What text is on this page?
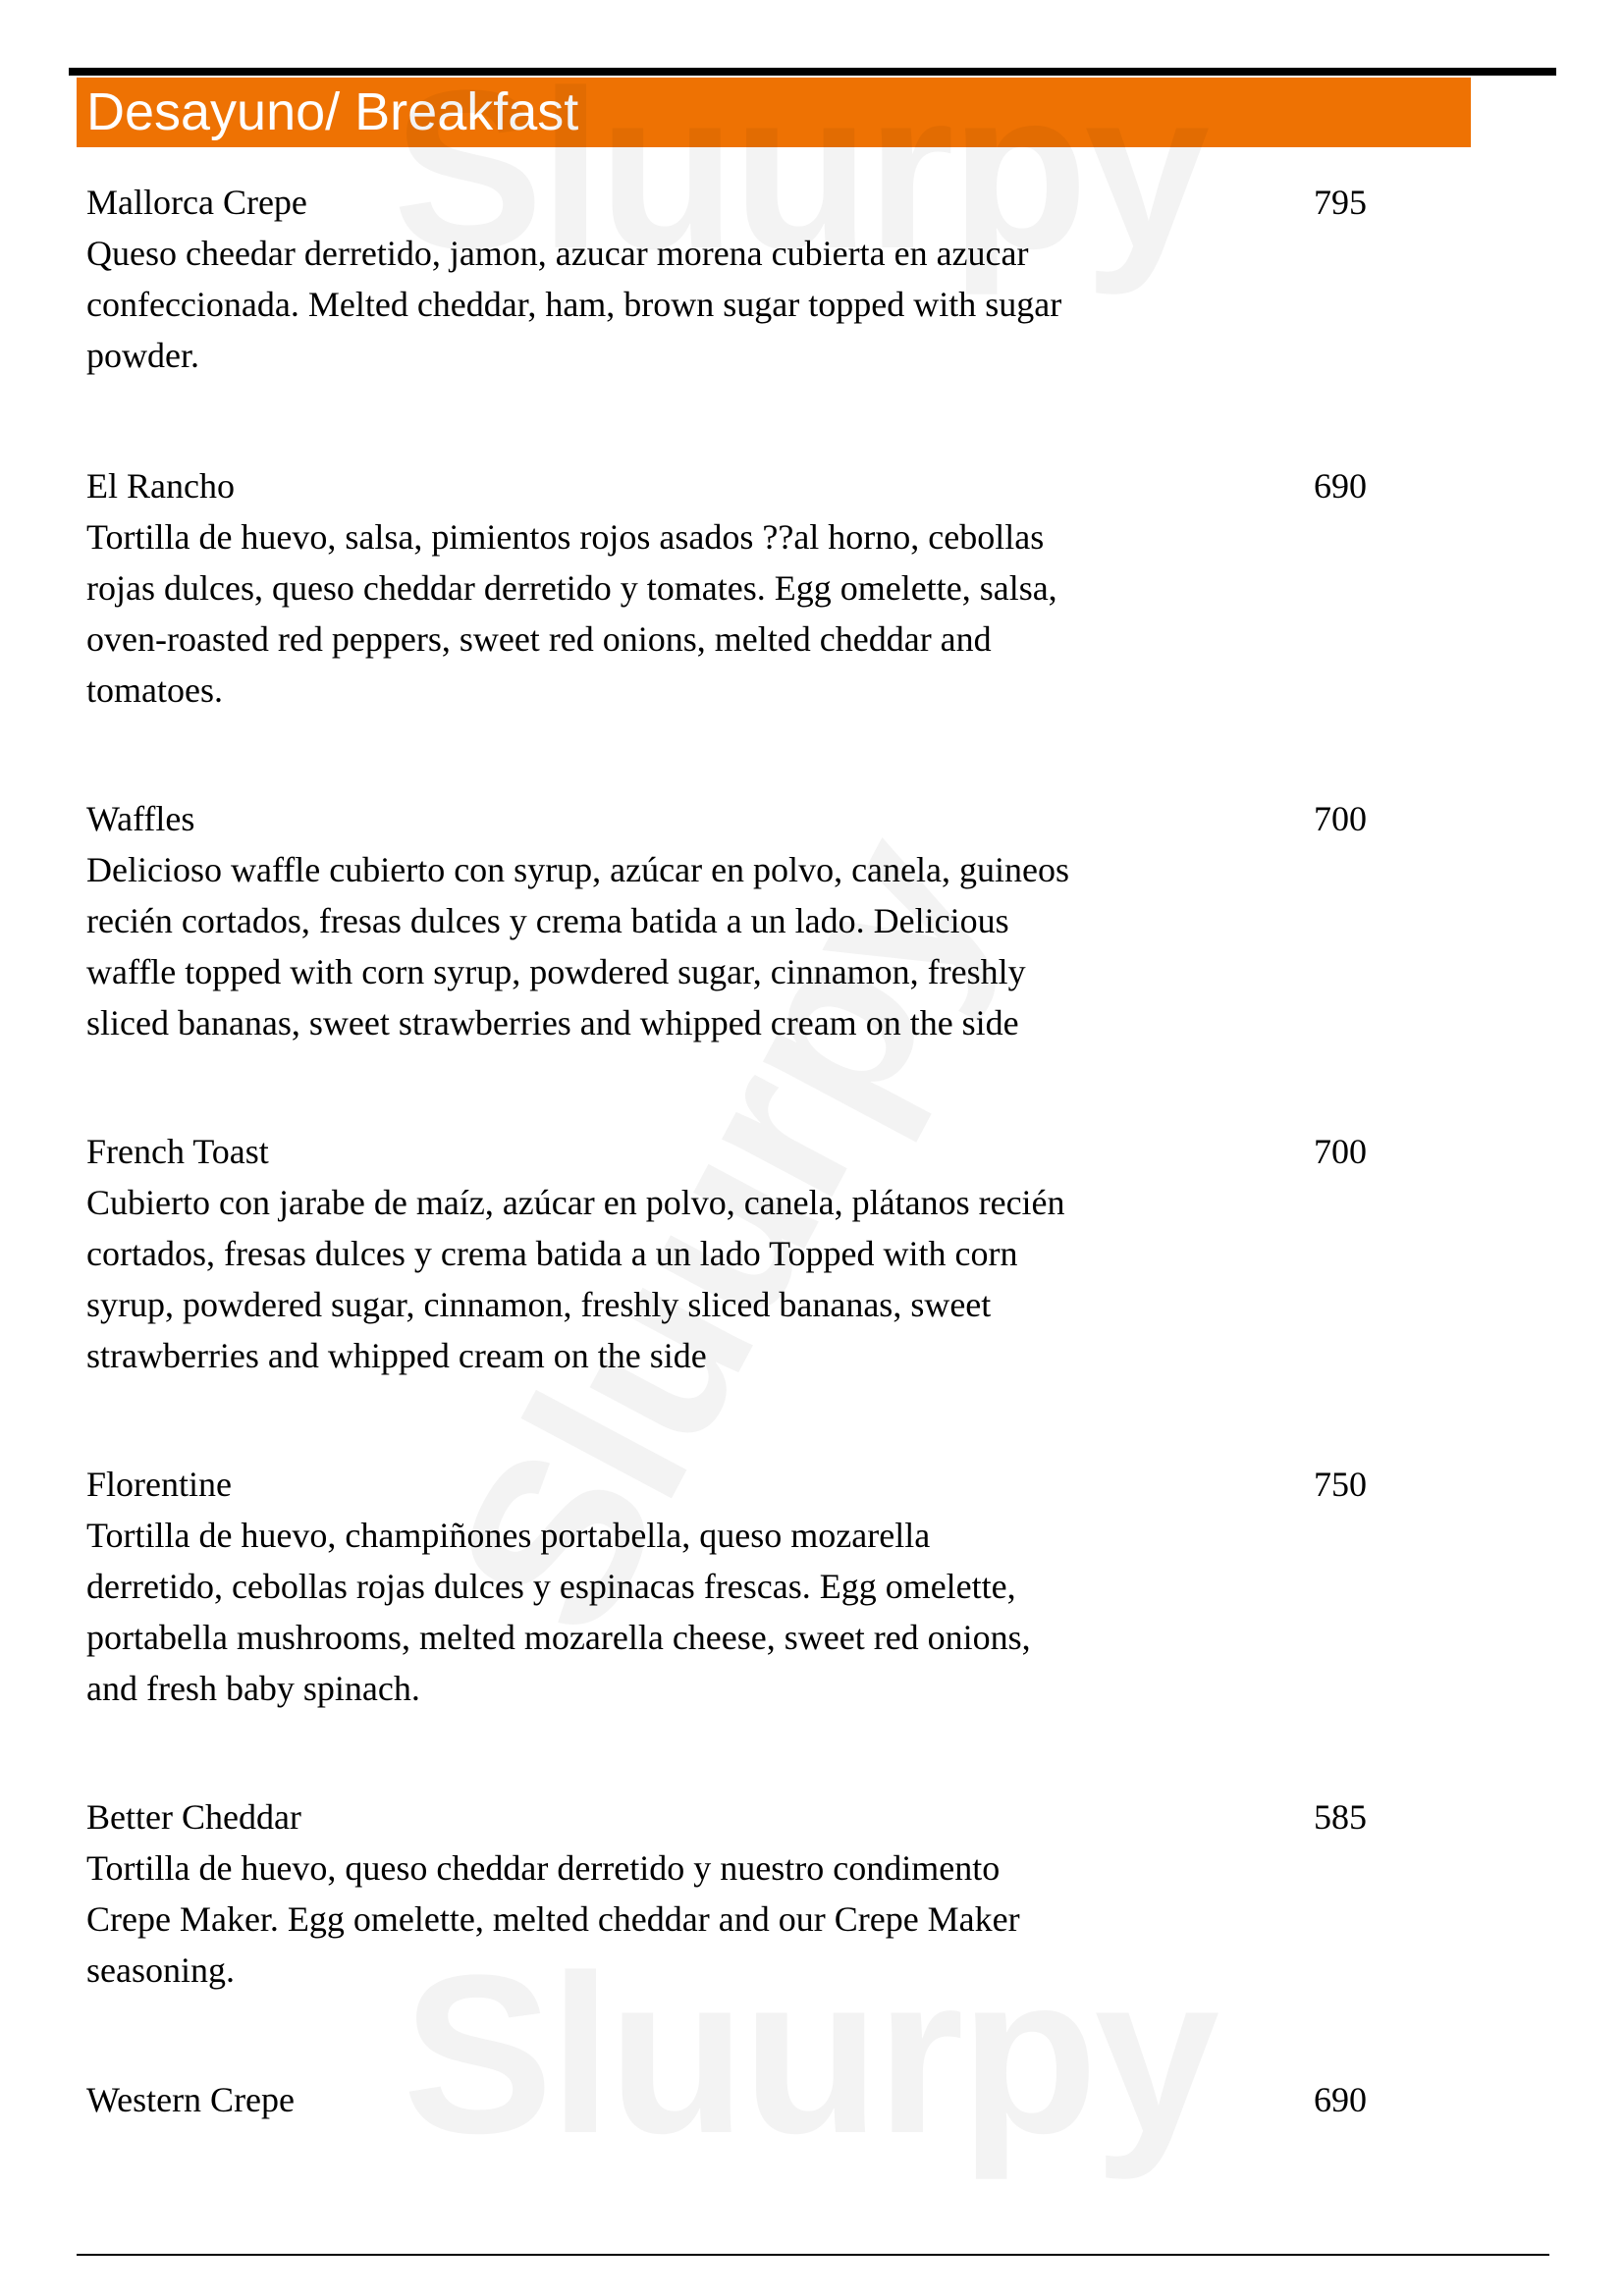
Desayuno/ Breakfast
Mallorca Crepe
Queso cheedar derretido, jamon, azucar morena cubierta en azucar
confeccionada. Melted cheddar, ham, brown sugar topped with sugar
powder.
795
El Rancho
Tortilla de huevo, salsa, pimientos rojos asados ??al horno, cebollas
rojas dulces, queso cheddar derretido y tomates. Egg omelette, salsa,
oven-roasted red peppers, sweet red onions, melted cheddar and
tomatoes.
690
Waffles
Delicioso waffle cubierto con syrup, azúcar en polvo, canela, guineos
recién cortados, fresas dulces y crema batida a un lado. Delicious
waffle topped with corn syrup, powdered sugar, cinnamon, freshly
sliced bananas, sweet strawberries and whipped cream on the side
700
French Toast
Cubierto con jarabe de maíz, azúcar en polvo, canela, plátanos recién
cortados, fresas dulces y crema batida a un lado Topped with corn
syrup, powdered sugar, cinnamon, freshly sliced bananas, sweet
strawberries and whipped cream on the side
700
Florentine
Tortilla de huevo, champiñones portabella, queso mozarella
derretido, cebollas rojas dulces y espinacas frescas. Egg omelette,
portabella mushrooms, melted mozarella cheese, sweet red onions,
and fresh baby spinach.
750
Better Cheddar
Tortilla de huevo, queso cheddar derretido y nuestro condimento
Crepe Maker. Egg omelette, melted cheddar and our Crepe Maker
seasoning.
585
Western Crepe	690
